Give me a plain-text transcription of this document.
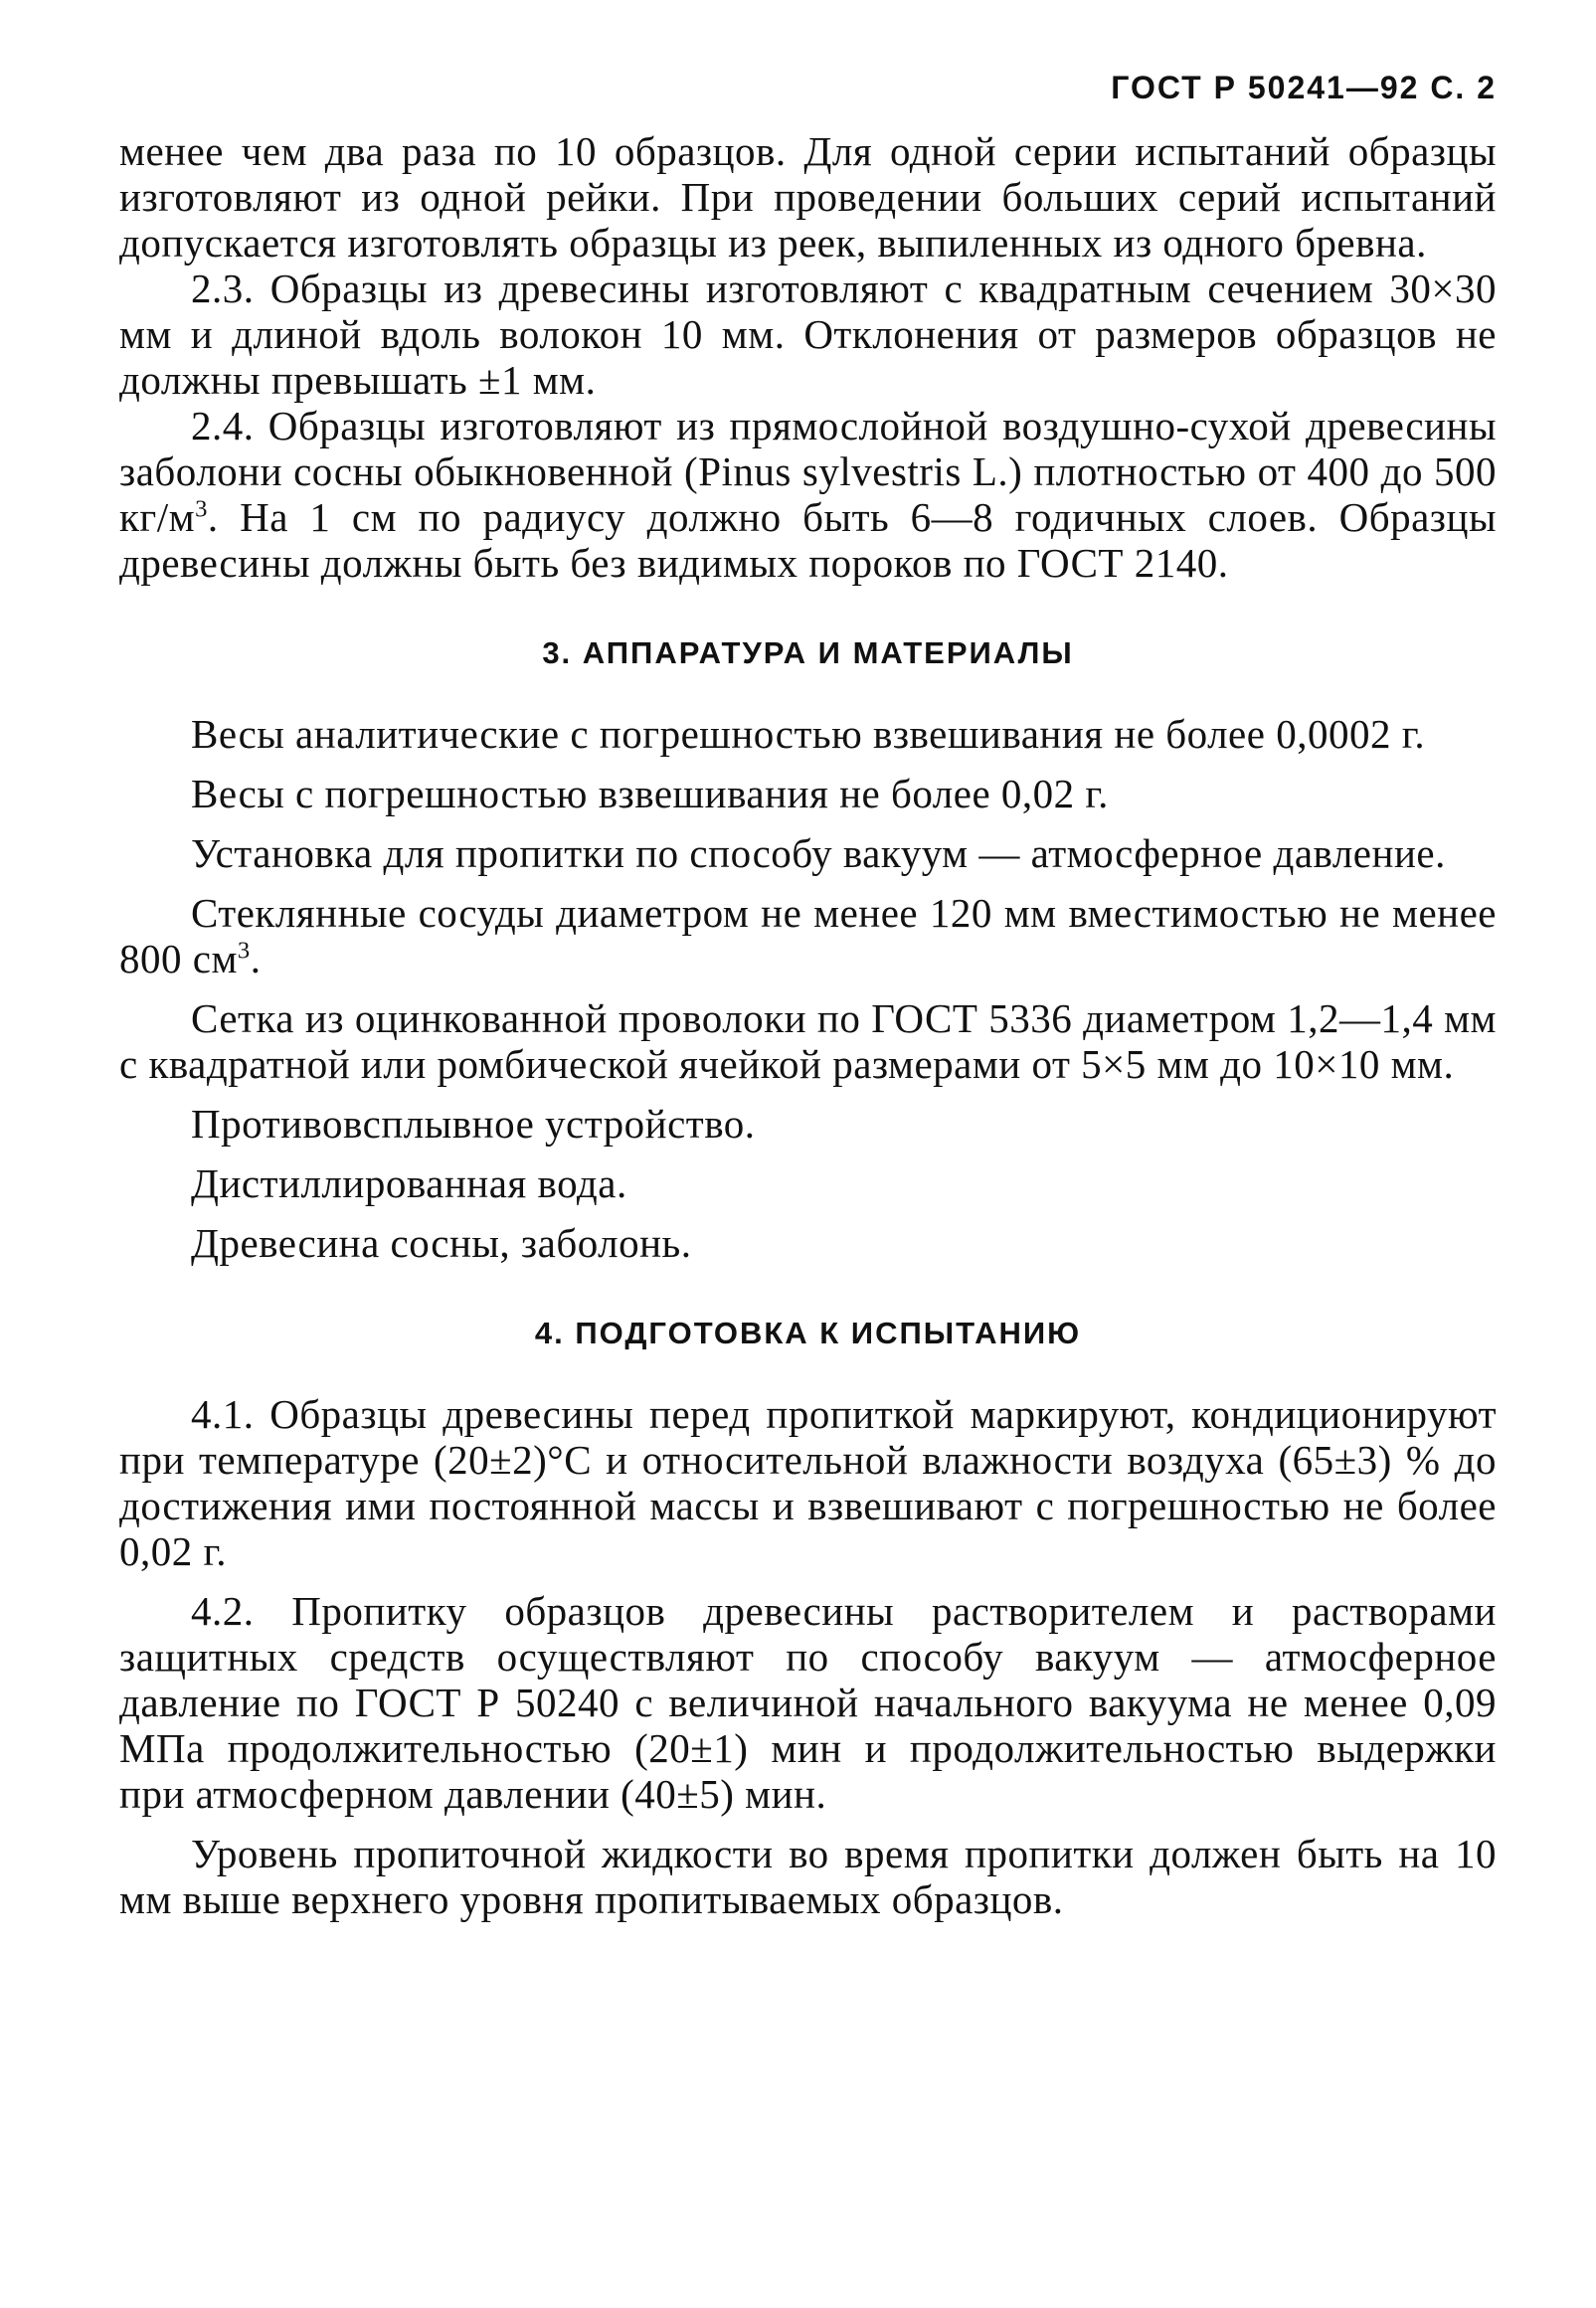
ГОСТ Р 50241—92 С. 2

менее чем два раза по 10 образцов. Для одной серии испытаний образцы изготовляют из одной рейки. При проведении больших серий испытаний допускается изготовлять образцы из реек, выпиленных из одного бревна.

2.3. Образцы из древесины изготовляют с квадратным сечением 30×30 мм и длиной вдоль волокон 10 мм. Отклонения от размеров образцов не должны превышать ±1 мм.

2.4. Образцы изготовляют из прямослойной воздушно-сухой древесины заболони сосны обыкновенной (Pinus sylvestris L.) плотностью от 400 до 500 $кг/м^3$. На 1 см по радиусу должно быть 6—8 годичных слоев. Образцы древесины должны быть без видимых пороков по ГОСТ 2140.

3. АППАРАТУРА И МАТЕРИАЛЫ

Весы аналитические с погрешностью взвешивания не более 0,0002 г.

Весы с погрешностью взвешивания не более 0,02 г.

Установка для пропитки по способу вакуум — атмосферное давление.

Стеклянные сосуды диаметром не менее 120 мм вместимостью не менее 800 $см^3$.

Сетка из оцинкованной проволоки по ГОСТ 5336 диаметром 1,2—1,4 мм с квадратной или ромбической ячейкой размерами от 5×5 мм до 10×10 мм.

Противовсплывное устройство.

Дистиллированная вода.

Древесина сосны, заболонь.

4. ПОДГОТОВКА К ИСПЫТАНИЮ

4.1. Образцы древесины перед пропиткой маркируют, кондиционируют при температуре (20±2)°С и относительной влажности воздуха (65±3) % до достижения ими постоянной массы и взвешивают с погрешностью не более 0,02 г.

4.2. Пропитку образцов древесины растворителем и растворами защитных средств осуществляют по способу вакуум — атмосферное давление по ГОСТ Р 50240 с величиной начального вакуума не менее 0,09 МПа продолжительностью (20±1) мин и продолжительностью выдержки при атмосферном давлении (40±5) мин.

Уровень пропиточной жидкости во время пропитки должен быть на 10 мм выше верхнего уровня пропитываемых образцов.
